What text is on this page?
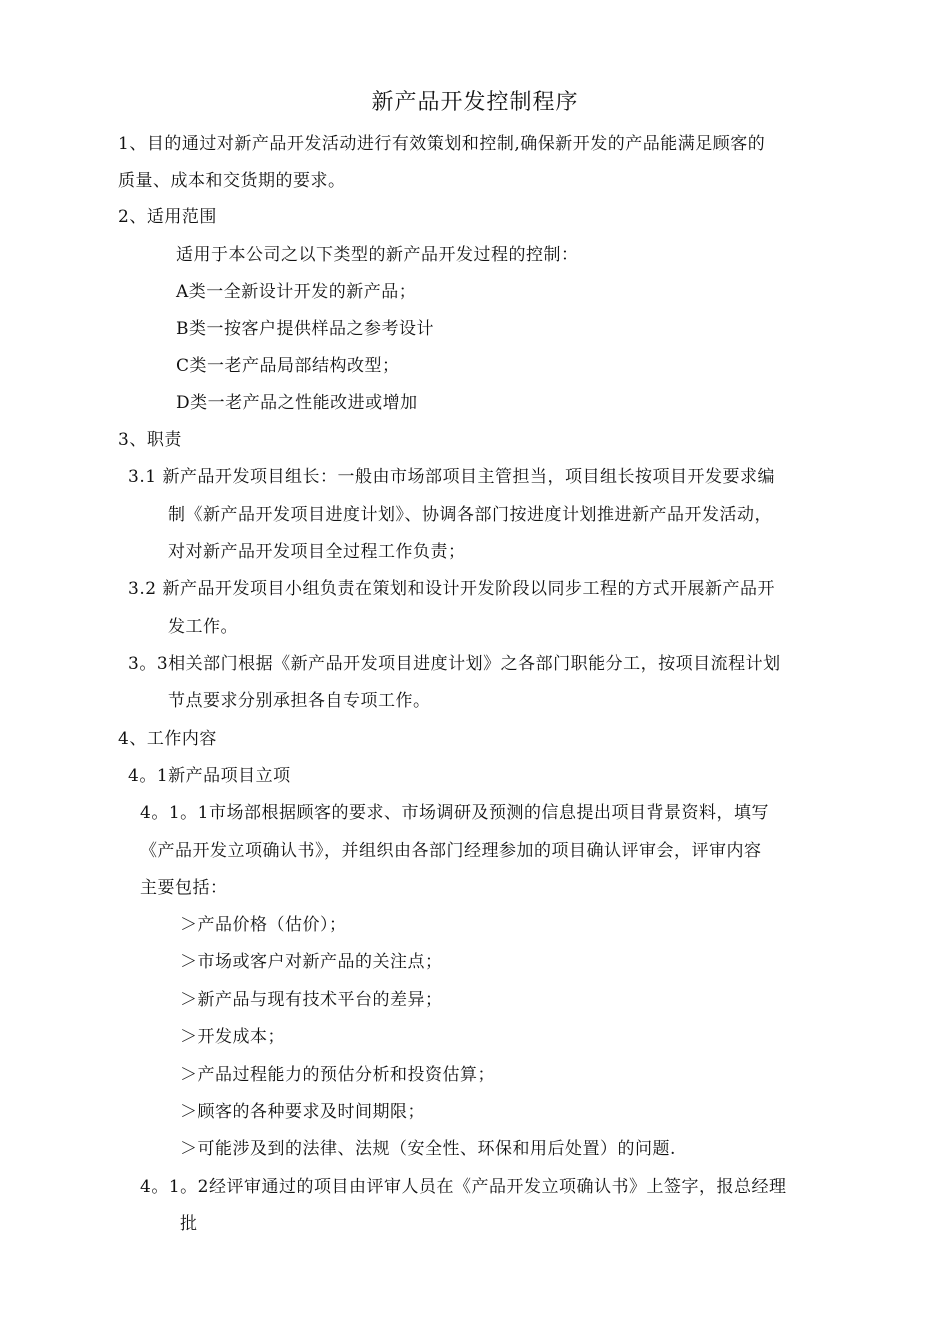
新产品开发控制程序
1、目的通过对新产品开发活动进行有效策划和控制,确保新开发的产品能满足顾客的
质量、成本和交货期的要求。
2、适用范围
适用于本公司之以下类型的新产品开发过程的控制：
A类一全新设计开发的新产品；
B类一按客户提供样品之参考设计
C类一老产品局部结构改型；
D类一老产品之性能改进或增加
3、职责
3.1 新产品开发项目组长：一般由市场部项目主管担当，项目组长按项目开发要求编
制《新产品开发项目进度计划》、协调各部门按进度计划推进新产品开发活动，
对对新产品开发项目全过程工作负责；
3.2 新产品开发项目小组负责在策划和设计开发阶段以同步工程的方式开展新产品开
发工作。
3。3相关部门根据《新产品开发项目进度计划》之各部门职能分工，按项目流程计划
节点要求分别承担各自专项工作。
4、工作内容
4。1新产品项目立项
4。1。1市场部根据顾客的要求、市场调研及预测的信息提出项目背景资料，填写
《产品开发立项确认书》，并组织由各部门经理参加的项目确认评审会，评审内容
主要包括：
＞产品价格（估价）；
＞市场或客户对新产品的关注点；
＞新产品与现有技术平台的差异；
＞开发成本；
＞产品过程能力的预估分析和投资估算；
＞顾客的各种要求及时间期限；
＞可能涉及到的法律、法规（安全性、环保和用后处置）的问题.
4。1。2经评审通过的项目由评审人员在《产品开发立项确认书》上签字，报总经理
批
